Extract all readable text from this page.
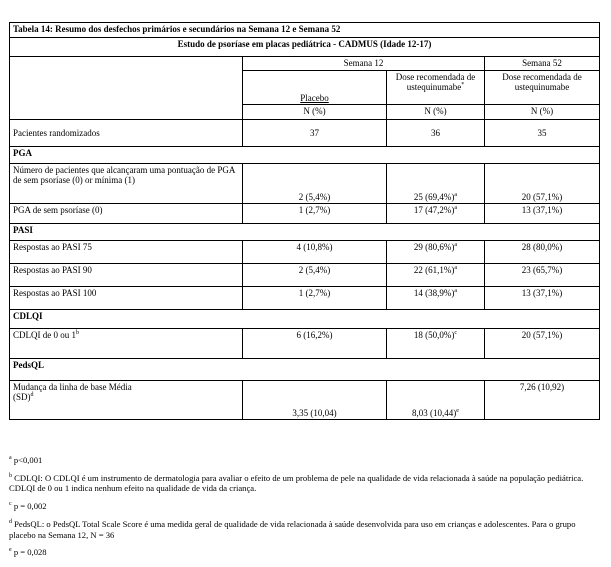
Tabela 14: Resumo dos desfechos primários e secundários na Semana 12 e Semana 52			
Estudo de psoríase em placas pediátrica - CADMUS (Idade 12-17)			
	Semana 12		Semana 52
	Placebo	Dose recomendada de ustequinumabe*	Dose recomendada de ustequinumabe
	N (%)	N (%)	N (%)
Pacientes randomizados	37	36	35
PGA			
Número de pacientes que alcançaram uma pontuação de PGA de sem psoríase (0) or mínima (1)	2 (5,4%)	25 $(69,4\%)^a$	20 (57,1%)
PGA de sem psoríase (0)	1 (2,7%)	17 $(47,2\%)^a$	13 (37,1%)
PASI			
Respostas ao PASI 75	4 (10,8%)	29 $(80,6\%)^a$	28 (80,0%)
Respostas ao PASI 90	2 (5,4%)	22 $(61,1\%)^a$	23 (65,7%)
Respostas ao PASI 100	1 (2,7%)	14 $(38,9\%)^a$	13 (37,1%)
CDLQI			
CDLQI de 0 ou 1$^b$	6 (16,2%)	18 $(50,0\%)^c$	20 (57,1%)
PedsQL			
Mudança da linha de base Média
(SD)$^d$	3,35 (10,04)	8,03 $(10,44)^e$	7,26 (10,92)

$^a$ p<0,001

$^b$ CDLQI: O CDLQI é um instrumento de dermatologia para avaliar o efeito de um problema de pele na qualidade de vida relacionada à saúde na população pediátrica. CDLQI de 0 ou 1 indica nenhum efeito na qualidade de vida da criança.

$^c$ p = 0,002

$^d$ PedsQL: o PedsQL Total Scale Score é uma medida geral de qualidade de vida relacionada à saúde desenvolvida para uso em crianças e adolescentes. Para o grupo placebo na Semana 12, N = 36

$^e$ p = 0,028
